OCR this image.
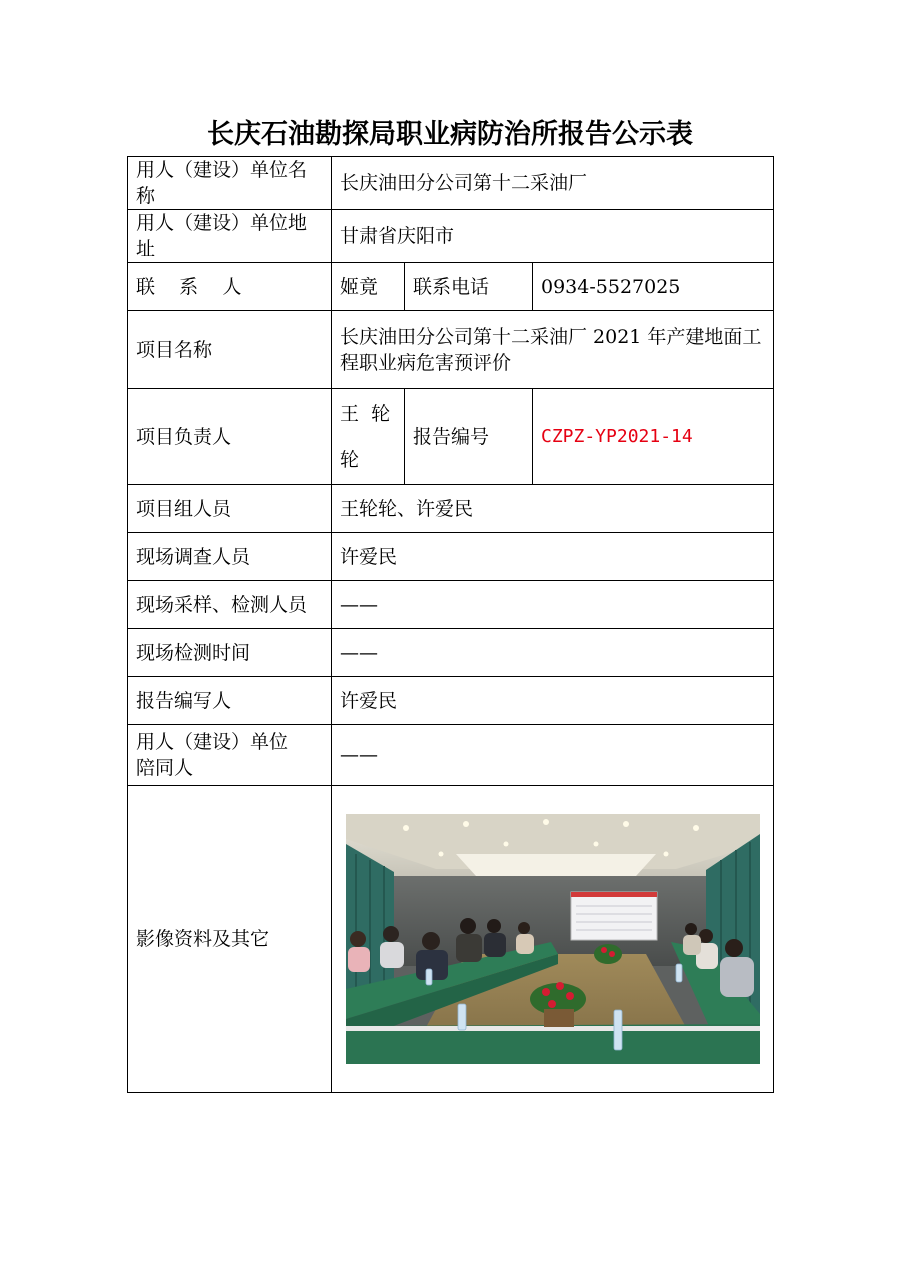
长庆石油勘探局职业病防治所报告公示表
用人（建设）单位名称	长庆油田分公司第十二采油厂		
用人（建设）单位地址	甘肃省庆阳市		
联    系    人	姬竟	联系电话	0934-5527025
项目名称	长庆油田分公司第十二采油厂 2021 年产建地面工程职业病危害预评价		
项目负责人	王  轮  轮	报告编号	CZPZ-YP2021-14
项目组人员	王轮轮、许爱民		
现场调查人员	许爱民		
现场采样、检测人员	——		
现场检测时间	——		
报告编写人	许爱民		
用人（建设）单位陪同人	——		
影像资料及其它	
